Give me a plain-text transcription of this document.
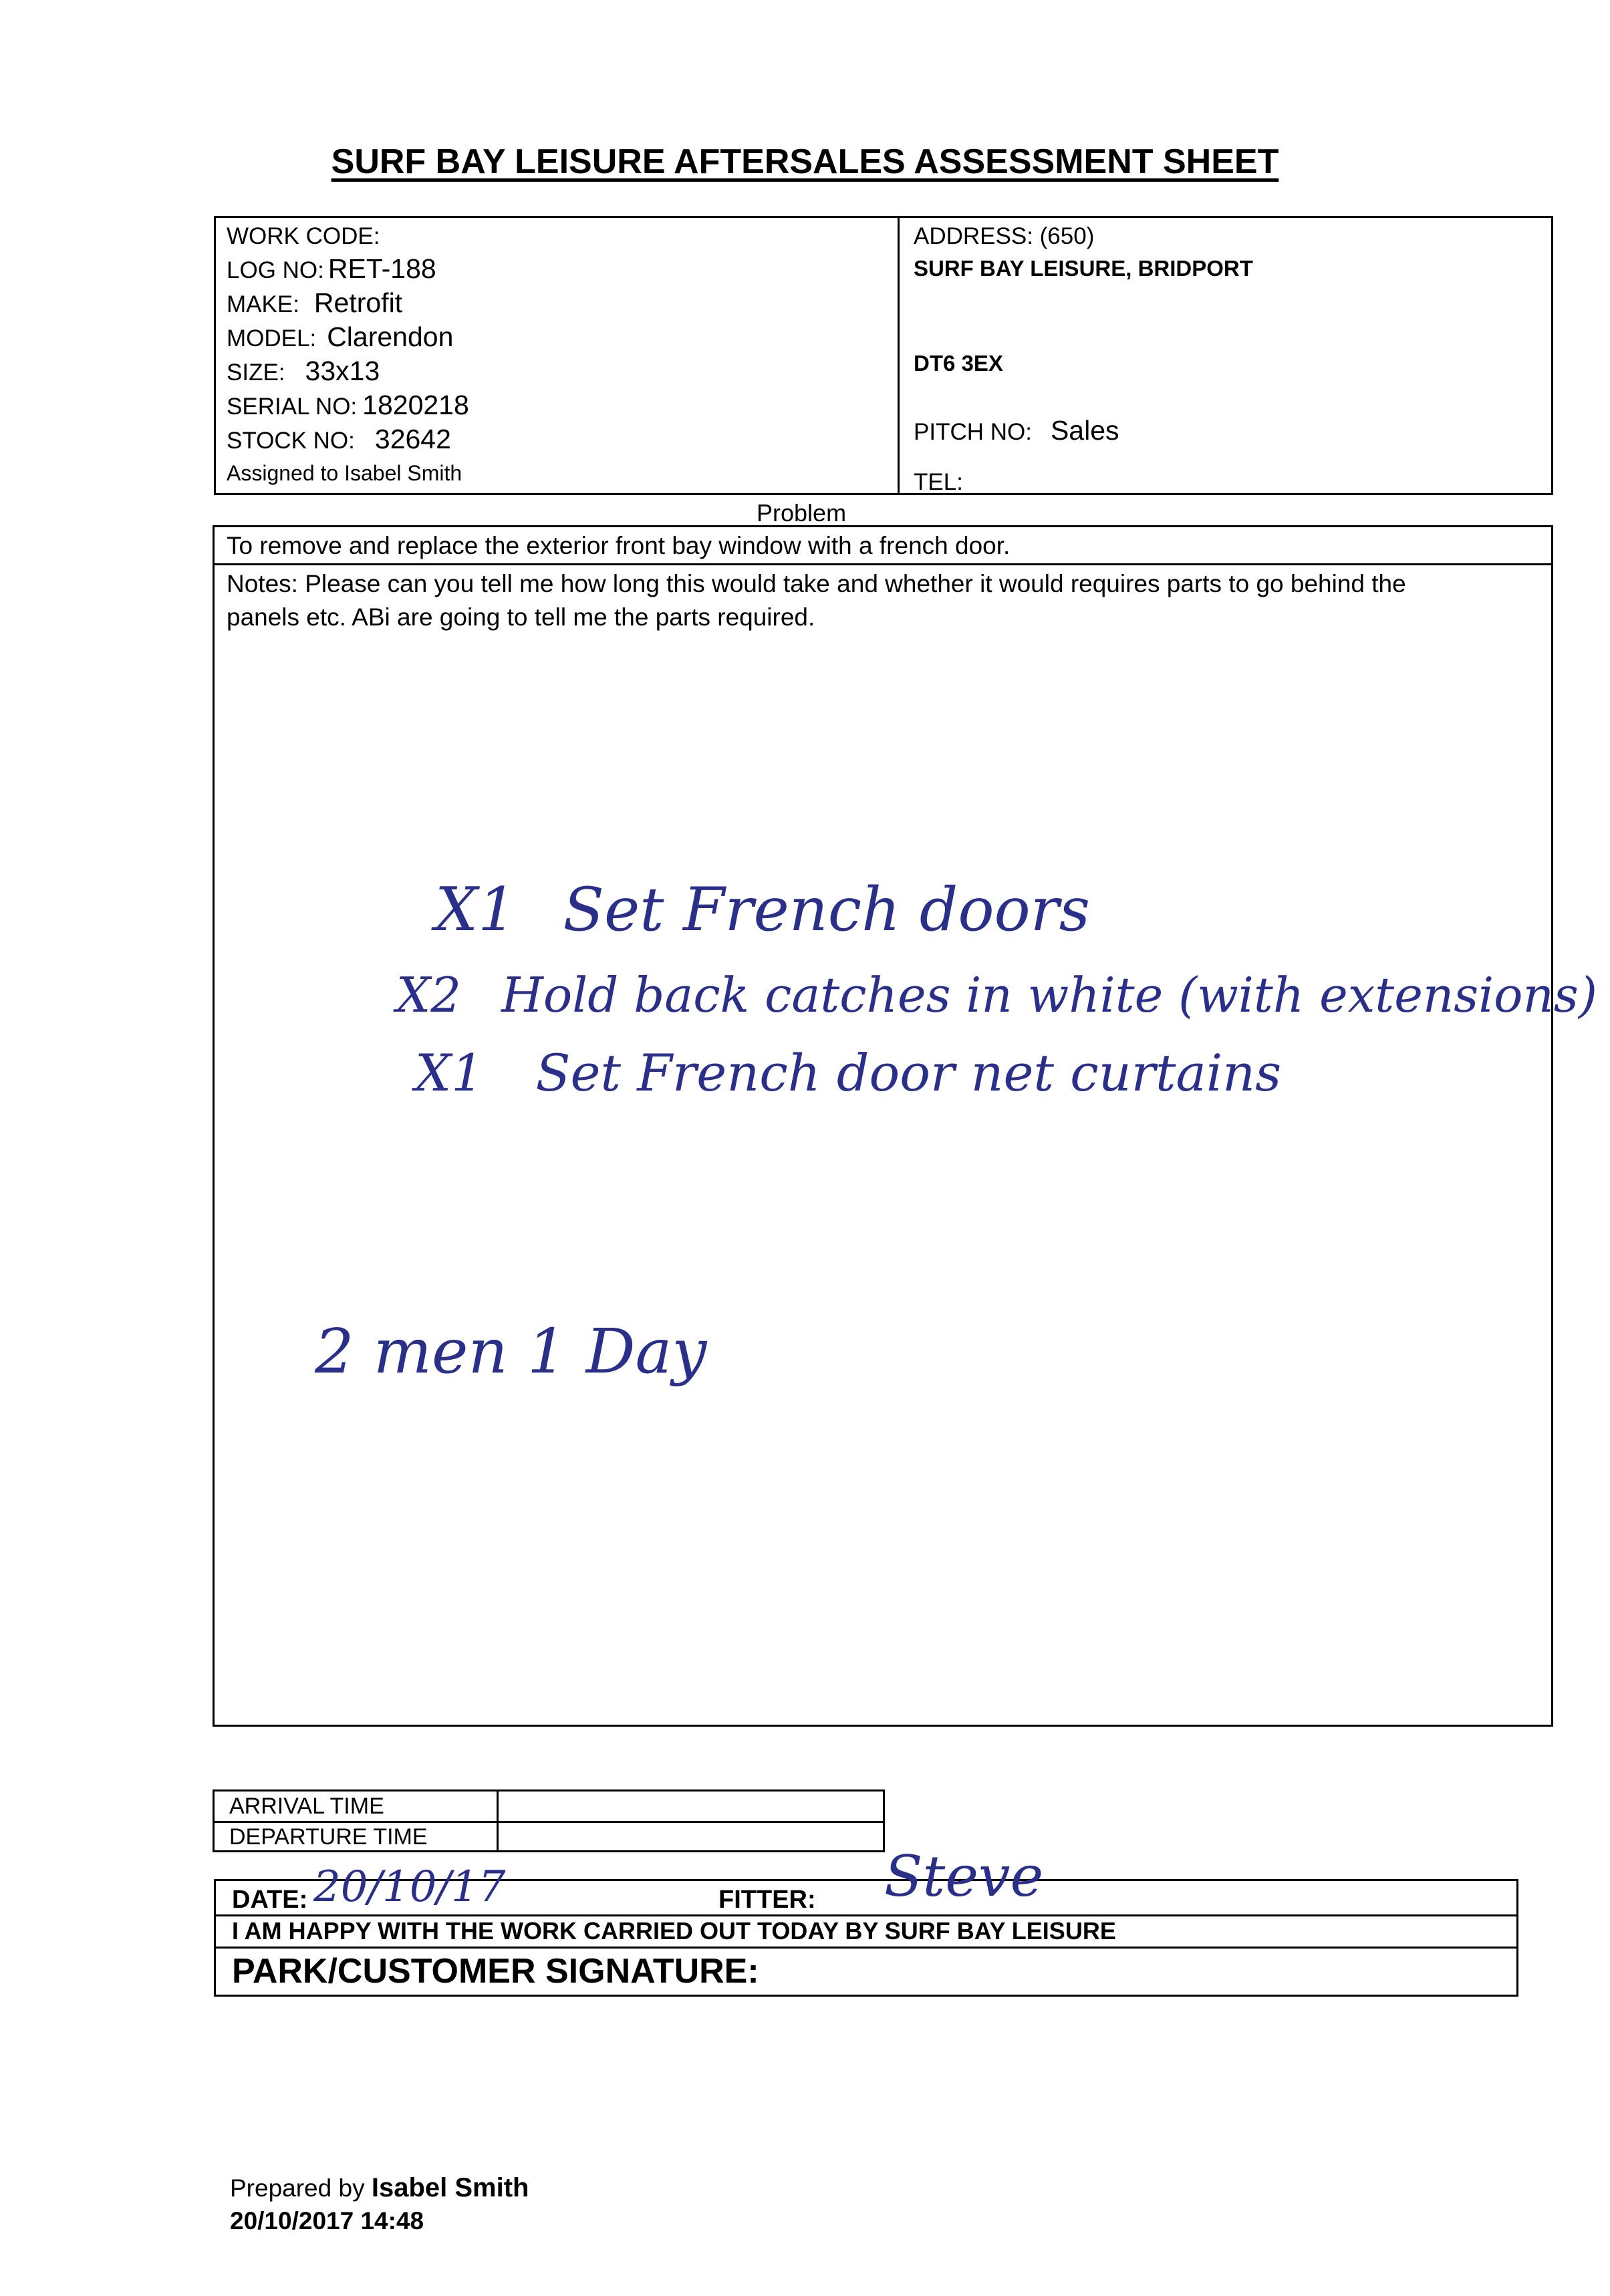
SURF BAY LEISURE AFTERSALES ASSESSMENT SHEET
WORK CODE:
LOG NO: RET-188
MAKE: Retrofit
MODEL: Clarendon
SIZE: 33x13
SERIAL NO: 1820218
STOCK NO: 32642
Assigned to Isabel Smith
ADDRESS: (650)
SURF BAY LEISURE, BRIDPORT
DT6 3EX
PITCH NO: Sales
TEL:
Problem
To remove and replace the exterior front bay window with a french door.
Notes: Please can you tell me how long this would take and whether it would requires parts to go behind the
panels etc. ABi are going to tell me the parts required.
X1 Set French doors
X2 Hold back catches in white (with extensions)
X1 Set French door net curtains
2 men 1 Day
ARRIVAL TIME
DEPARTURE TIME
DATE: 20/10/17	FITTER: Steve
I AM HAPPY WITH THE WORK CARRIED OUT TODAY BY SURF BAY LEISURE
PARK/CUSTOMER SIGNATURE:
Prepared by Isabel Smith
20/10/2017 14:48
